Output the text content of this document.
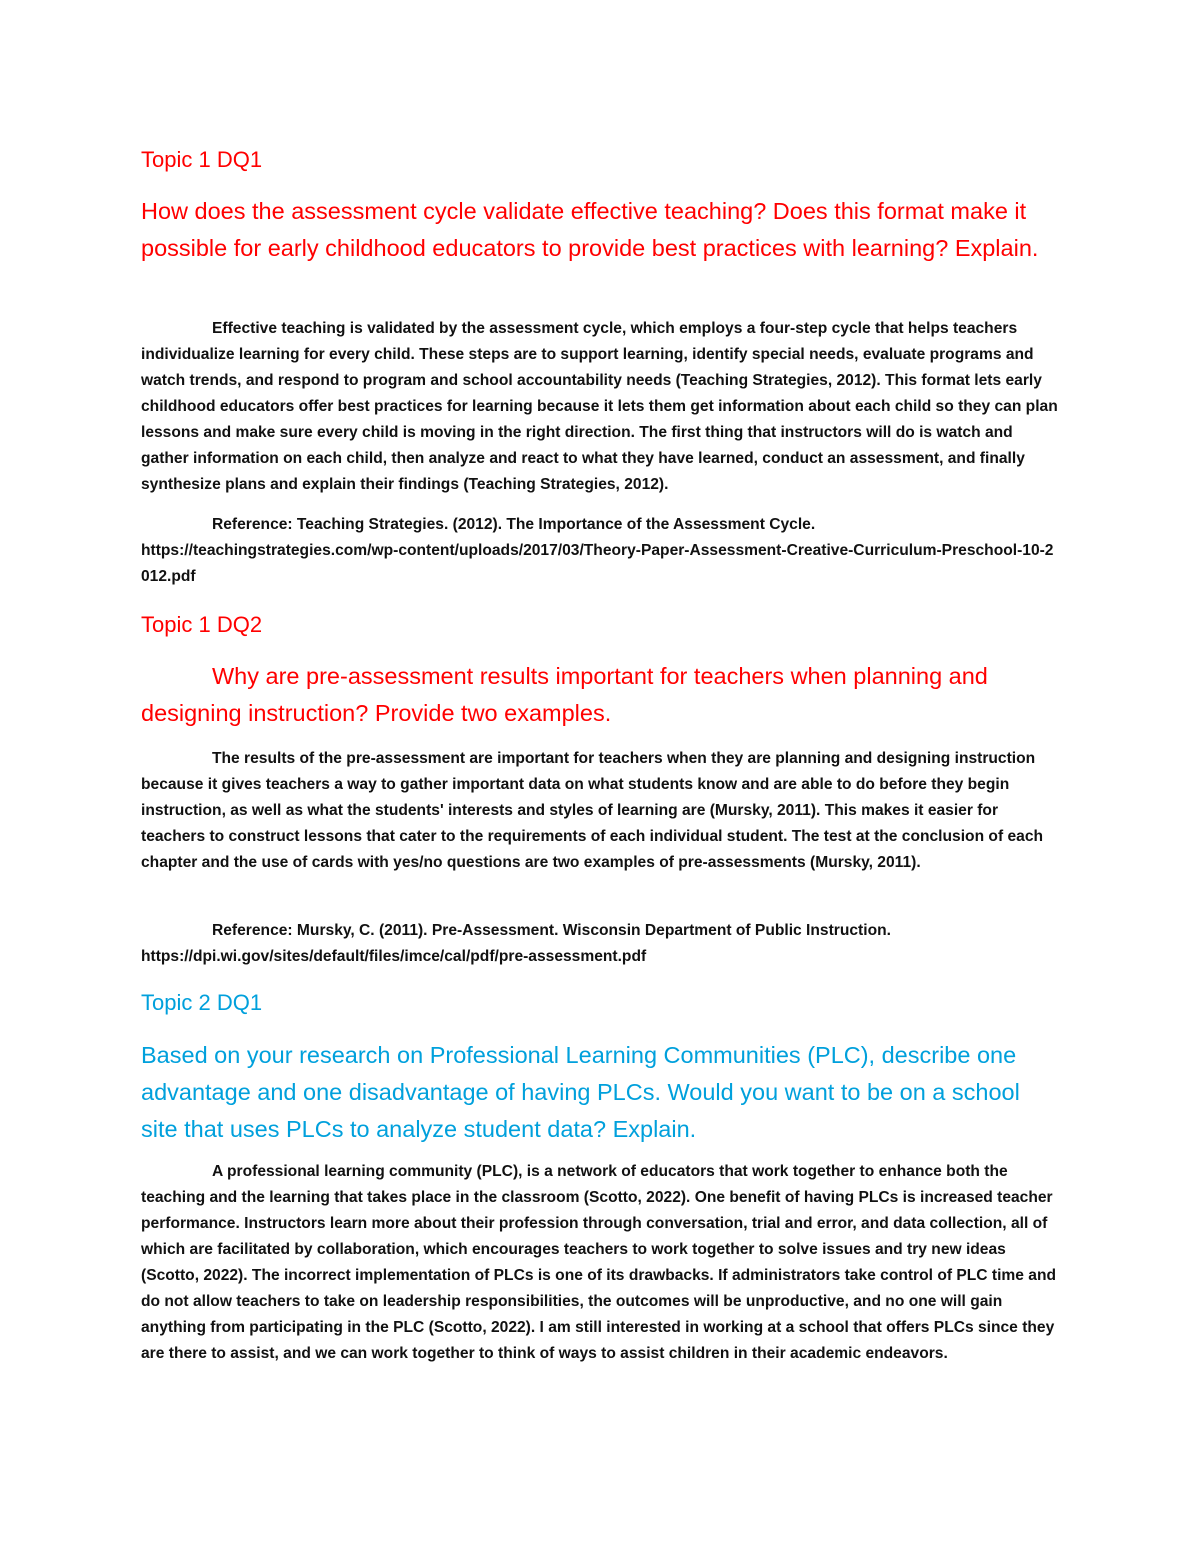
Topic 1 DQ1

How does the assessment cycle validate effective teaching? Does this format make it possible for early childhood educators to provide best practices with learning? Explain.

Effective teaching is validated by the assessment cycle, which employs a four-step cycle that helps teachers individualize learning for every child. These steps are to support learning, identify special needs, evaluate programs and watch trends, and respond to program and school accountability needs (Teaching Strategies, 2012). This format lets early childhood educators offer best practices for learning because it lets them get information about each child so they can plan lessons and make sure every child is moving in the right direction. The first thing that instructors will do is watch and gather information on each child, then analyze and react to what they have learned, conduct an assessment, and finally synthesize plans and explain their findings (Teaching Strategies, 2012).

Reference: Teaching Strategies. (2012). The Importance of the Assessment Cycle.
https://teachingstrategies.com/wp-content/uploads/2017/03/Theory-Paper-Assessment-Creative-Curriculum-Preschool-10-2012.pdf

Topic 1 DQ2

Why are pre-assessment results important for teachers when planning and designing instruction? Provide two examples.

The results of the pre-assessment are important for teachers when they are planning and designing instruction because it gives teachers a way to gather important data on what students know and are able to do before they begin instruction, as well as what the students' interests and styles of learning are (Mursky, 2011). This makes it easier for teachers to construct lessons that cater to the requirements of each individual student. The test at the conclusion of each chapter and the use of cards with yes/no questions are two examples of pre-assessments (Mursky, 2011).

Reference: Mursky, C. (2011). Pre-Assessment. Wisconsin Department of Public Instruction.
https://dpi.wi.gov/sites/default/files/imce/cal/pdf/pre-assessment.pdf

Topic 2 DQ1

Based on your research on Professional Learning Communities (PLC), describe one advantage and one disadvantage of having PLCs. Would you want to be on a school site that uses PLCs to analyze student data? Explain.

A professional learning community (PLC), is a network of educators that work together to enhance both the teaching and the learning that takes place in the classroom (Scotto, 2022). One benefit of having PLCs is increased teacher performance. Instructors learn more about their profession through conversation, trial and error, and data collection, all of which are facilitated by collaboration, which encourages teachers to work together to solve issues and try new ideas (Scotto, 2022). The incorrect implementation of PLCs is one of its drawbacks. If administrators take control of PLC time and do not allow teachers to take on leadership responsibilities, the outcomes will be unproductive, and no one will gain anything from participating in the PLC (Scotto, 2022). I am still interested in working at a school that offers PLCs since they are there to assist, and we can work together to think of ways to assist children in their academic endeavors.
